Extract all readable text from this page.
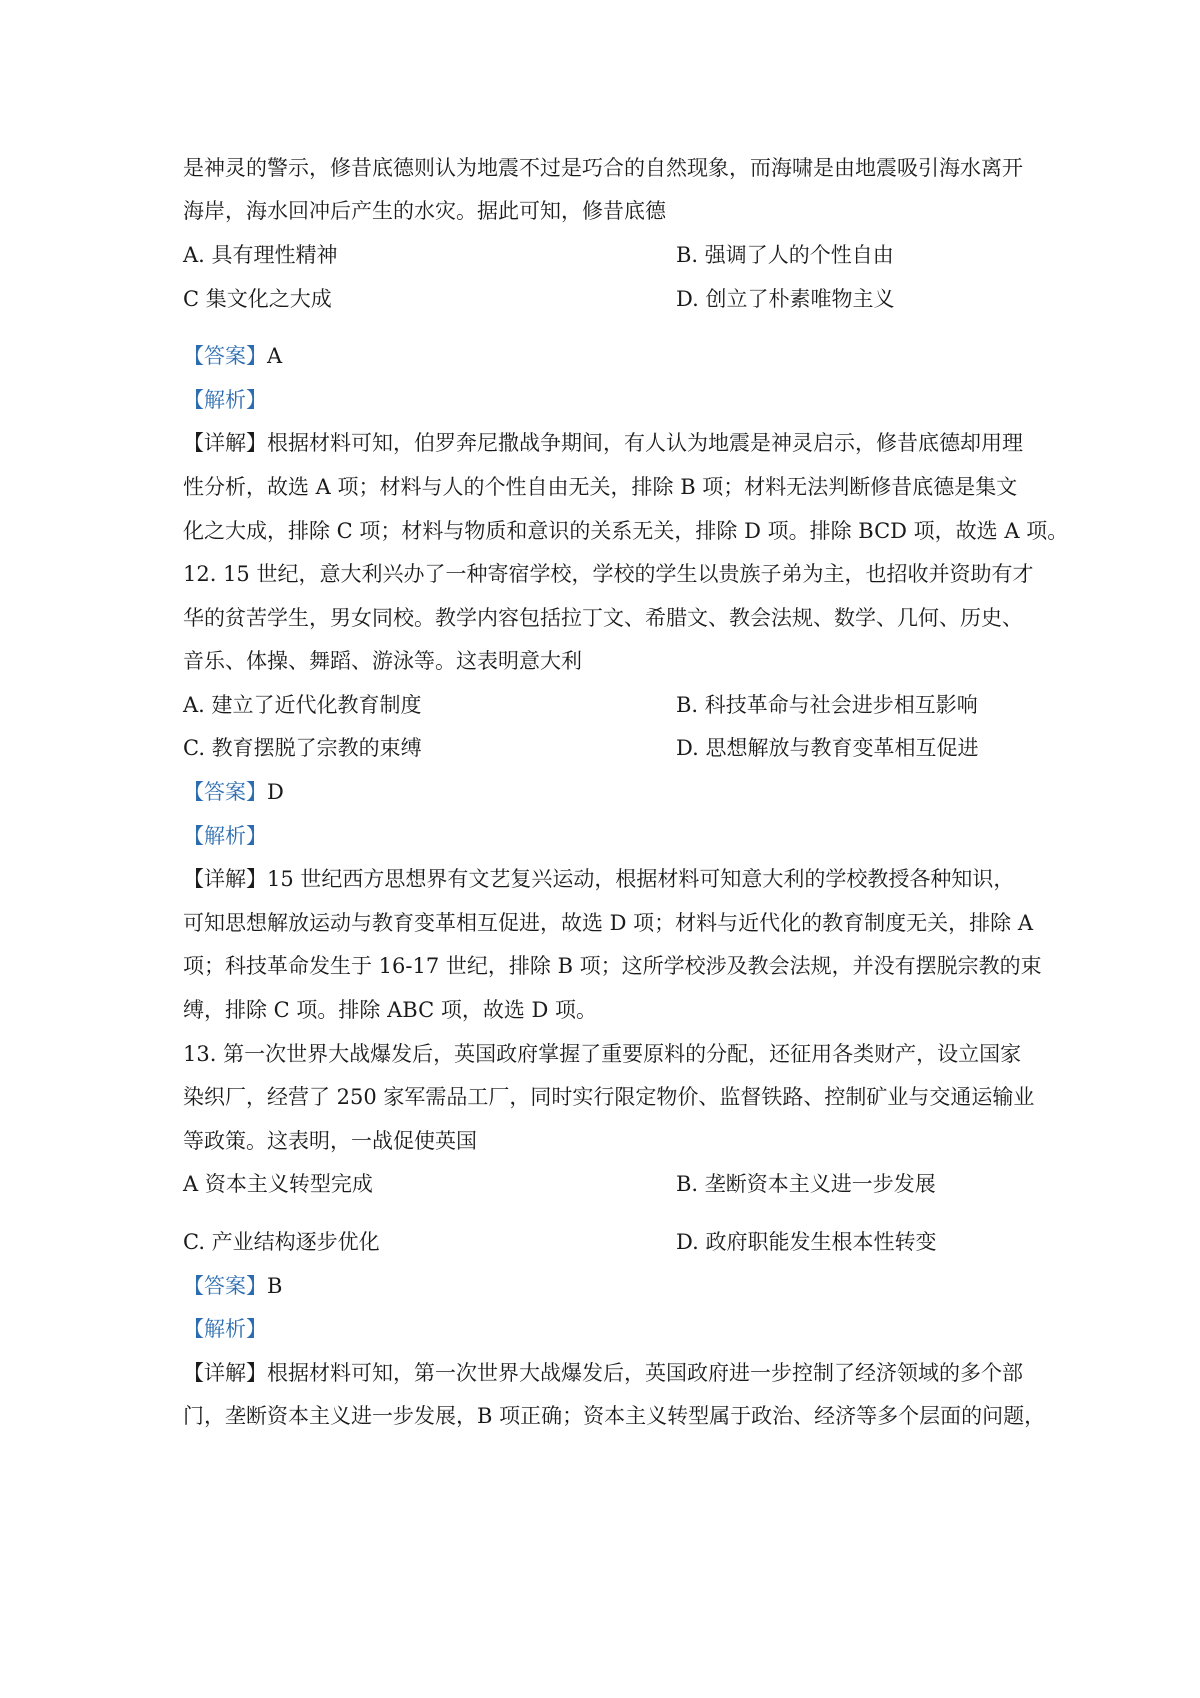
是神灵的警示，修昔底德则认为地震不过是巧合的自然现象，而海啸是由地震吸引海水离开
海岸，海水回冲后产生的水灾。据此可知，修昔底德
A. 具有理性精神	B. 强调了人的个性自由
C 集文化之大成	D. 创立了朴素唯物主义
【答案】A
【解析】
【详解】根据材料可知，伯罗奔尼撒战争期间，有人认为地震是神灵启示，修昔底德却用理
性分析，故选 A 项；材料与人的个性自由无关，排除 B 项；材料无法判断修昔底德是集文
化之大成，排除 C 项；材料与物质和意识的关系无关，排除 D 项。排除 BCD 项，故选 A 项。
12. 15 世纪，意大利兴办了一种寄宿学校，学校的学生以贵族子弟为主，也招收并资助有才
华的贫苦学生，男女同校。教学内容包括拉丁文、希腊文、教会法规、数学、几何、历史、
音乐、体操、舞蹈、游泳等。这表明意大利
A. 建立了近代化教育制度	B. 科技革命与社会进步相互影响
C. 教育摆脱了宗教的束缚	D. 思想解放与教育变革相互促进
【答案】D
【解析】
【详解】15 世纪西方思想界有文艺复兴运动，根据材料可知意大利的学校教授各种知识，
可知思想解放运动与教育变革相互促进，故选 D 项；材料与近代化的教育制度无关，排除 A
项；科技革命发生于 16-17 世纪，排除 B 项；这所学校涉及教会法规，并没有摆脱宗教的束
缚，排除 C 项。排除 ABC 项，故选 D 项。
13. 第一次世界大战爆发后，英国政府掌握了重要原料的分配，还征用各类财产，设立国家
染织厂，经营了 250 家军需品工厂，同时实行限定物价、监督铁路、控制矿业与交通运输业
等政策。这表明，一战促使英国
A 资本主义转型完成	B. 垄断资本主义进一步发展
C. 产业结构逐步优化	D. 政府职能发生根本性转变
【答案】B
【解析】
【详解】根据材料可知，第一次世界大战爆发后，英国政府进一步控制了经济领域的多个部
门，垄断资本主义进一步发展，B 项正确；资本主义转型属于政治、经济等多个层面的问题，
